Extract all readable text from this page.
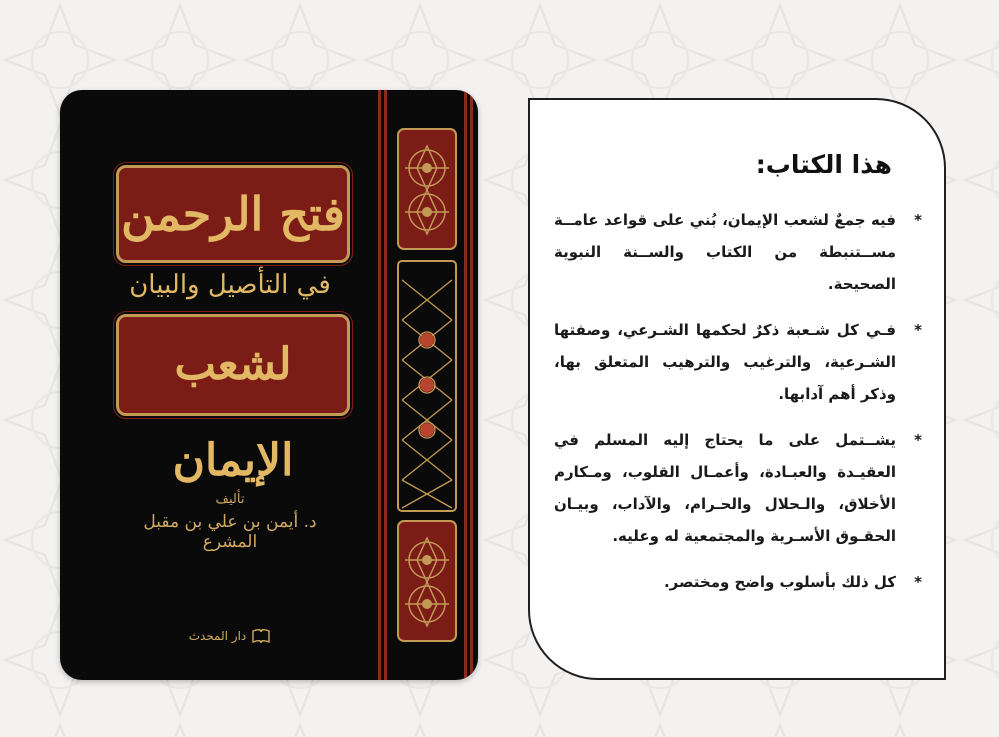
فتح الرحمن
في التأصيل والبيان
لشعب الإيمان
تأليف
د. أيمن بن علي بن مقبل المشرع
دار المحدث
هذا الكتاب:
*
فيه جمعٌ لشعب الإيمان، بُني على قواعد عامــة مســتنبطة من الكتاب والســنة النبوية الصحيحة.
*
فـي كل شـعبة ذكرٌ لحكمها الشـرعي، وصفتها الشـرعية، والترغيب والترهيب المتعلق بها، وذكر أهم آدابها.
*
يشــتمل على ما يحتاج إليه المسلم في العقيـدة والعبـادة، وأعمـال القلوب، ومـكارم الأخلاق، والـحلال والحـرام، والآداب، وبيـان الحقـوق الأسـرية والمجتمعية له وعليه.
*
كل ذلك بأسلوب واضح ومختصر.
